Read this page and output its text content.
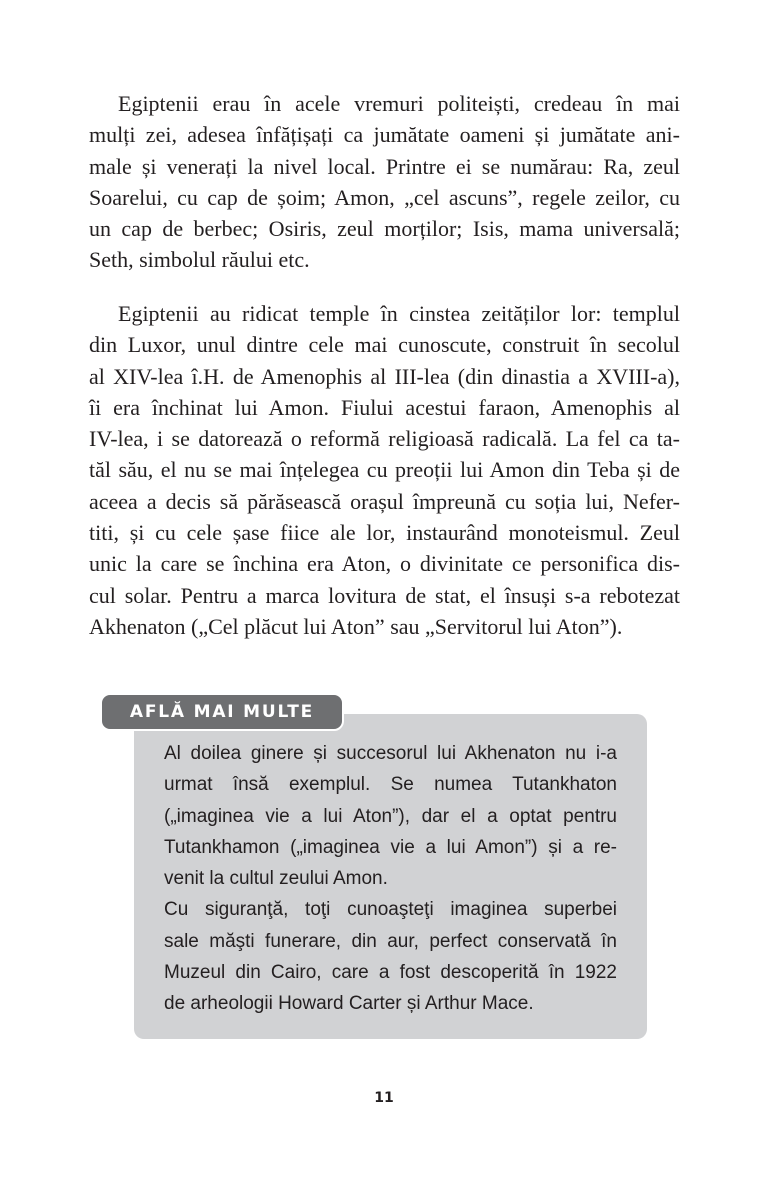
Egiptenii erau în acele vremuri politeiști, credeau în mai
mulți zei, adesea înfățișați ca jumătate oameni și jumătate ani-
male și venerați la nivel local. Printre ei se numărau: Ra, zeul
Soarelui, cu cap de șoim; Amon, „cel ascuns”, regele zeilor, cu
un cap de berbec; Osiris, zeul morților; Isis, mama universală;
Seth, simbolul răului etc.
Egiptenii au ridicat temple în cinstea zeităților lor: templul
din Luxor, unul dintre cele mai cunoscute, construit în secolul
al XIV-lea î.H. de Amenophis al III-lea (din dinastia a XVIII-a),
îi era închinat lui Amon. Fiului acestui faraon, Amenophis al
IV-lea, i se datorează o reformă religioasă radicală. La fel ca ta-
tăl său, el nu se mai înțelegea cu preoții lui Amon din Teba și de
aceea a decis să părăsească orașul împreună cu soția lui, Nefer-
titi, și cu cele șase fiice ale lor, instaurând monoteismul. Zeul
unic la care se închina era Aton, o divinitate ce personifica dis-
cul solar. Pentru a marca lovitura de stat, el însuși s-a rebotezat
Akhenaton („Cel plăcut lui Aton” sau „Servitorul lui Aton”).
AFLĂ MAI MULTE
Al doilea ginere și succesorul lui Akhenaton nu i-a
urmat însă exemplul. Se numea Tutankhaton
(„imaginea vie a lui Aton”), dar el a optat pentru
Tutankhamon („imaginea vie a lui Amon”) și a re-
venit la cultul zeului Amon.
Cu siguranţă, toţi cunoaşteţi imaginea superbei
sale măşti funerare, din aur, perfect conservată în
Muzeul din Cairo, care a fost descoperită în 1922
de arheologii Howard Carter și Arthur Mace.
11
